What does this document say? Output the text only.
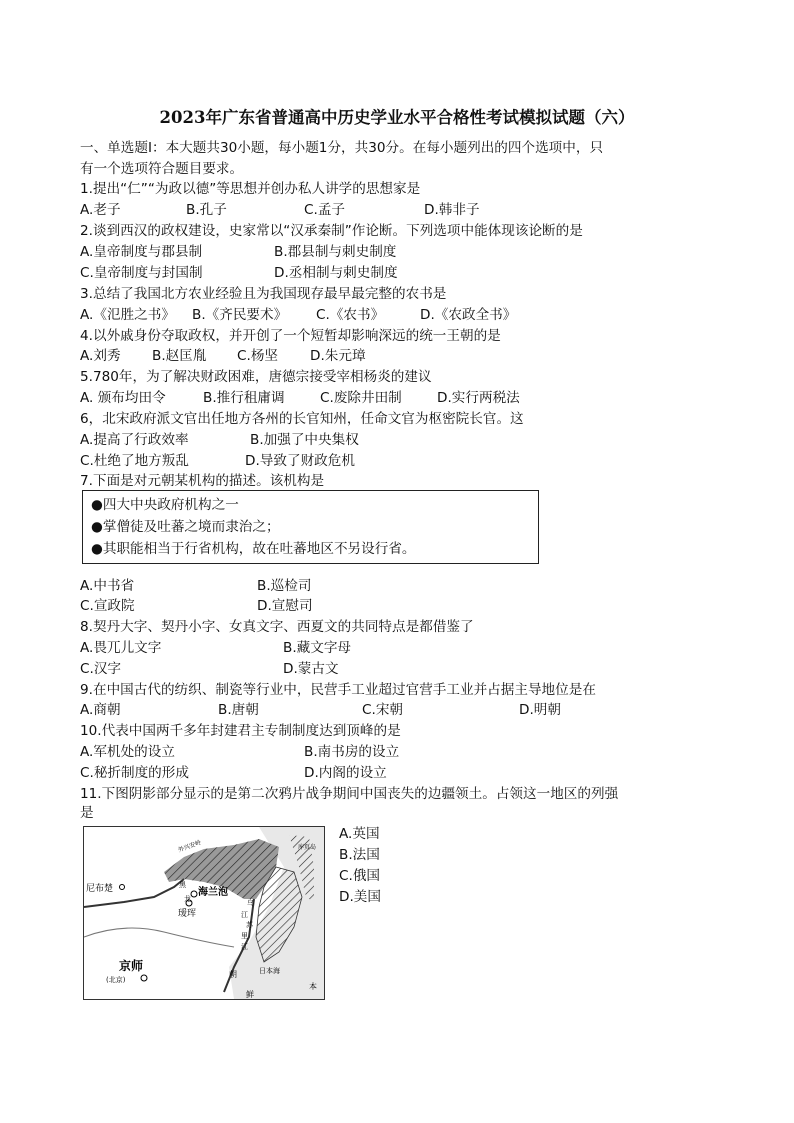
2023年广东省普通高中历史学业水平合格性考试模拟试题（六）
一、单选题Ⅰ：本大题共30小题，每小题1分，共30分。在每小题列出的四个选项中，只
有一个选项符合题目要求。
1.提出“仁”“为政以德”等思想并创办私人讲学的思想家是
A.老子	B.孔子	C.孟子	D.韩非子
2.谈到西汉的政权建设，史家常以“汉承秦制”作论断。下列选项中能体现该论断的是
A.皇帝制度与郡县制	B.郡县制与刺史制度
C.皇帝制度与封国制	D.丞相制与刺史制度
3.总结了我国北方农业经验且为我国现存最早最完整的农书是
A.《氾胜之书》 B.《齐民要术》 C.《农书》	D.《农政全书》
4.以外戚身份夺取政权，并开创了一个短暂却影响深远的统一王朝的是
A.刘秀 B.赵匡胤 C.杨坚 D.朱元璋
5.780年，为了解决财政困难，唐德宗接受宰相杨炎的建议
A. 颁布均田令	B.推行租庸调	C.废除井田制	D.实行两税法
6，北宋政府派文官出任地方各州的长官知州，任命文官为枢密院长官。这
A.提高了行政效率	B.加强了中央集权
C.杜绝了地方叛乱	D.导致了财政危机
7.下面是对元朝某机构的描述。该机构是
●四大中央政府机构之一
●掌僧徒及吐蕃之境而隶治之；
●其职能相当于行省机构，故在吐蕃地区不另设行省。
A.中书省	B.巡检司
C.宣政院	D.宣慰司
8.契丹大字、契丹小字、女真文字、西夏文的共同特点是都借鉴了
A.畏兀儿文字	B.藏文字母
C.汉字	D.蒙古文
9.在中国古代的纺织、制瓷等行业中，民营手工业超过官营手工业并占据主导地位是在
A.商朝	B.唐朝	C.宋朝	D.明朝
10.代表中国两千多年封建君主专制制度达到顶峰的是
A.军机处的设立	B.南书房的设立
C.秘折制度的形成	D.内阁的设立
11.下图阴影部分显示的是第二次鸦片战争期间中国丧失的边疆领土。占领这一地区的列强
是
A.英国
B.法国
C.俄国
D.美国
尼布楚	海兰泡
瑷珲
京师
(北京)
日本海
朝
鲜
库页岛
黑
龙
江
乌
苏
里
江
外兴安岭
本
